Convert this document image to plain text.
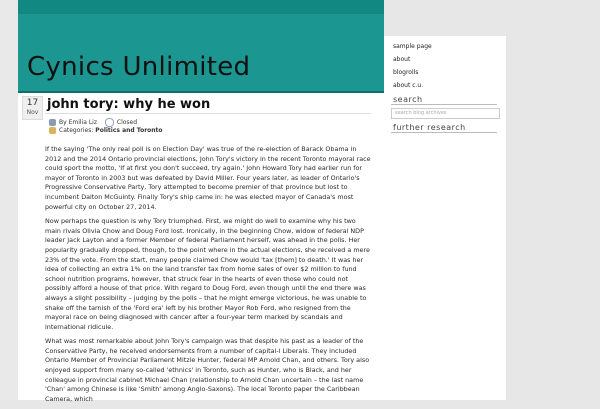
Cynics Unlimited
17
Nov
john tory: why he won
By Emilia Liz	Closed
Categories: Politics and Toronto

If the saying 'The only real poll is on Election Day' was true of the re-election of Barack Obama in 2012 and the 2014 Ontario provincial elections, John Tory's victory in the recent Toronto mayoral race could sport the motto, 'If at first you don't succeed, try again.' John Howard Tory had earlier run for mayor of Toronto in 2003 but was defeated by David Miller. Four years later, as leader of Ontario's Progressive Conservative Party, Tory attempted to become premier of that province but lost to incumbent Dalton McGuinty. Finally Tory's ship came in: he was elected mayor of Canada's most powerful city on October 27, 2014.

Now perhaps the question is why Tory triumphed. First, we might do well to examine why his two main rivals Olivia Chow and Doug Ford lost. Ironically, in the beginning Chow, widow of federal NDP leader Jack Layton and a former Member of federal Parliament herself, was ahead in the polls. Her popularity gradually dropped, though, to the point where in the actual elections, she received a mere 23% of the vote. From the start, many people claimed Chow would 'tax [them] to death.' It was her idea of collecting an extra 1% on the land transfer tax from home sales of over $2 million to fund school nutrition programs, however, that struck fear in the hearts of even those who could not possibly afford a house of that price. With regard to Doug Ford, even though until the end there was always a slight possibility – judging by the polls – that he might emerge victorious, he was unable to shake off the tarnish of the 'Ford era' left by his brother Mayor Rob Ford, who resigned from the mayoral race on being diagnosed with cancer after a four-year term marked by scandals and international ridicule.

What was most remarkable about John Tory's campaign was that despite his past as a leader of the Conservative Party, he received endorsements from a number of capital-l Liberals. They included Ontario Member of Provincial Parliament Mitzie Hunter, federal MP Arnold Chan, and others. Tory also enjoyed support from many so-called 'ethnics' in Toronto, such as Hunter, who is Black, and her colleague in provincial cabinet Michael Chan (relationship to Arnold Chan uncertain – the last name 'Chan' among Chinese is like 'Smith' among Anglo-Saxons). The local Toronto paper the Caribbean Camera, which

sample page
about
blogrolls
about c.u.
search
search blog archives
further research
